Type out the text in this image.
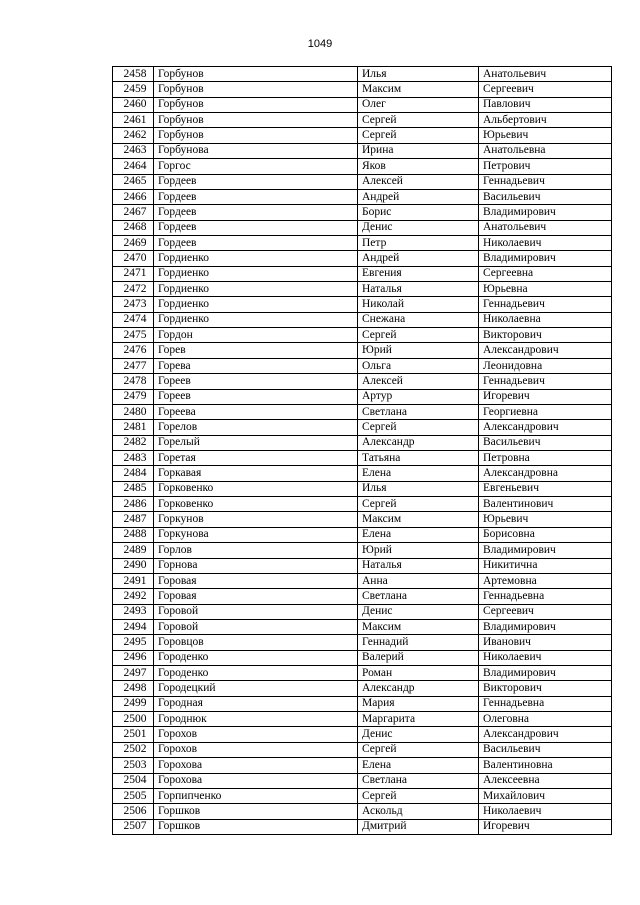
1049
2458	Горбунов	Илья	Анатольевич
2459	Горбунов	Максим	Сергеевич
2460	Горбунов	Олег	Павлович
2461	Горбунов	Сергей	Альбертович
2462	Горбунов	Сергей	Юрьевич
2463	Горбунова	Ирина	Анатольевна
2464	Горгос	Яков	Петрович
2465	Гордеев	Алексей	Геннадьевич
2466	Гордеев	Андрей	Васильевич
2467	Гордеев	Борис	Владимирович
2468	Гордеев	Денис	Анатольевич
2469	Гордеев	Петр	Николаевич
2470	Гордиенко	Андрей	Владимирович
2471	Гордиенко	Евгения	Сергеевна
2472	Гордиенко	Наталья	Юрьевна
2473	Гордиенко	Николай	Геннадьевич
2474	Гордиенко	Снежана	Николаевна
2475	Гордон	Сергей	Викторович
2476	Горев	Юрий	Александрович
2477	Горева	Ольга	Леонидовна
2478	Гореев	Алексей	Геннадьевич
2479	Гореев	Артур	Игоревич
2480	Гореева	Светлана	Георгиевна
2481	Горелов	Сергей	Александрович
2482	Горелый	Александр	Васильевич
2483	Горетая	Татьяна	Петровна
2484	Горкавая	Елена	Александровна
2485	Горковенко	Илья	Евгеньевич
2486	Горковенко	Сергей	Валентинович
2487	Горкунов	Максим	Юрьевич
2488	Горкунова	Елена	Борисовна
2489	Горлов	Юрий	Владимирович
2490	Горнова	Наталья	Никитична
2491	Горовая	Анна	Артемовна
2492	Горовая	Светлана	Геннадьевна
2493	Горовой	Денис	Сергеевич
2494	Горовой	Максим	Владимирович
2495	Горовцов	Геннадий	Иванович
2496	Городенко	Валерий	Николаевич
2497	Городенко	Роман	Владимирович
2498	Городецкий	Александр	Викторович
2499	Городная	Мария	Геннадьевна
2500	Городнюк	Маргарита	Олеговна
2501	Горохов	Денис	Александрович
2502	Горохов	Сергей	Васильевич
2503	Горохова	Елена	Валентиновна
2504	Горохова	Светлана	Алексеевна
2505	Горпипченко	Сергей	Михайлович
2506	Горшков	Аскольд	Николаевич
2507	Горшков	Дмитрий	Игоревич
